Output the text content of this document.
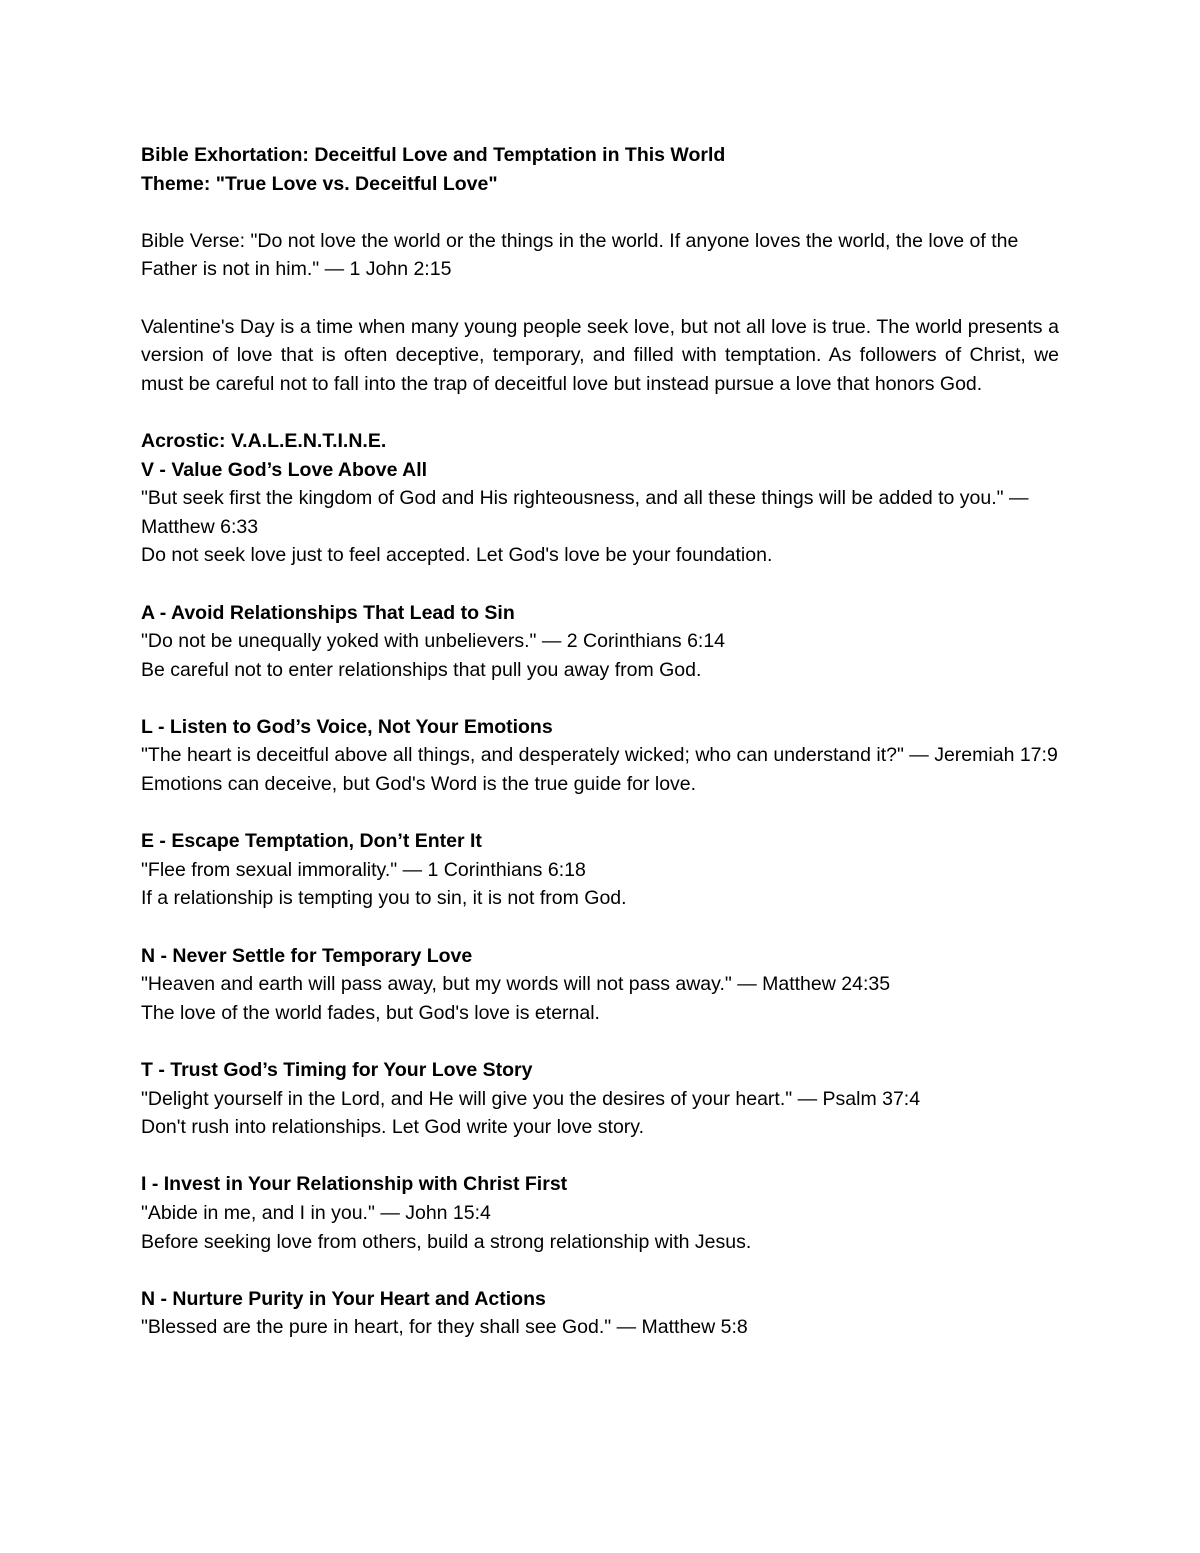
Bible Exhortation: Deceitful Love and Temptation in This World

Theme: "True Love vs. Deceitful Love"

Bible Verse: "Do not love the world or the things in the world. If anyone loves the world, the love of the Father is not in him." — 1 John 2:15

Valentine's Day is a time when many young people seek love, but not all love is true. The world presents a version of love that is often deceptive, temporary, and filled with temptation. As followers of Christ, we must be careful not to fall into the trap of deceitful love but instead pursue a love that honors God.

Acrostic: V.A.L.E.N.T.I.N.E.

V - Value God’s Love Above All

"But seek first the kingdom of God and His righteousness, and all these things will be added to you." — Matthew 6:33

Do not seek love just to feel accepted. Let God's love be your foundation.

A - Avoid Relationships That Lead to Sin

"Do not be unequally yoked with unbelievers." — 2 Corinthians 6:14

Be careful not to enter relationships that pull you away from God.

L - Listen to God’s Voice, Not Your Emotions

"The heart is deceitful above all things, and desperately wicked; who can understand it?" — Jeremiah 17:9

Emotions can deceive, but God's Word is the true guide for love.

E - Escape Temptation, Don’t Enter It

"Flee from sexual immorality." — 1 Corinthians 6:18

If a relationship is tempting you to sin, it is not from God.

N - Never Settle for Temporary Love

"Heaven and earth will pass away, but my words will not pass away." — Matthew 24:35

The love of the world fades, but God's love is eternal.

T - Trust God’s Timing for Your Love Story

"Delight yourself in the Lord, and He will give you the desires of your heart." — Psalm 37:4

Don't rush into relationships. Let God write your love story.

I - Invest in Your Relationship with Christ First

"Abide in me, and I in you." — John 15:4

Before seeking love from others, build a strong relationship with Jesus.

N - Nurture Purity in Your Heart and Actions

"Blessed are the pure in heart, for they shall see God." — Matthew 5:8
